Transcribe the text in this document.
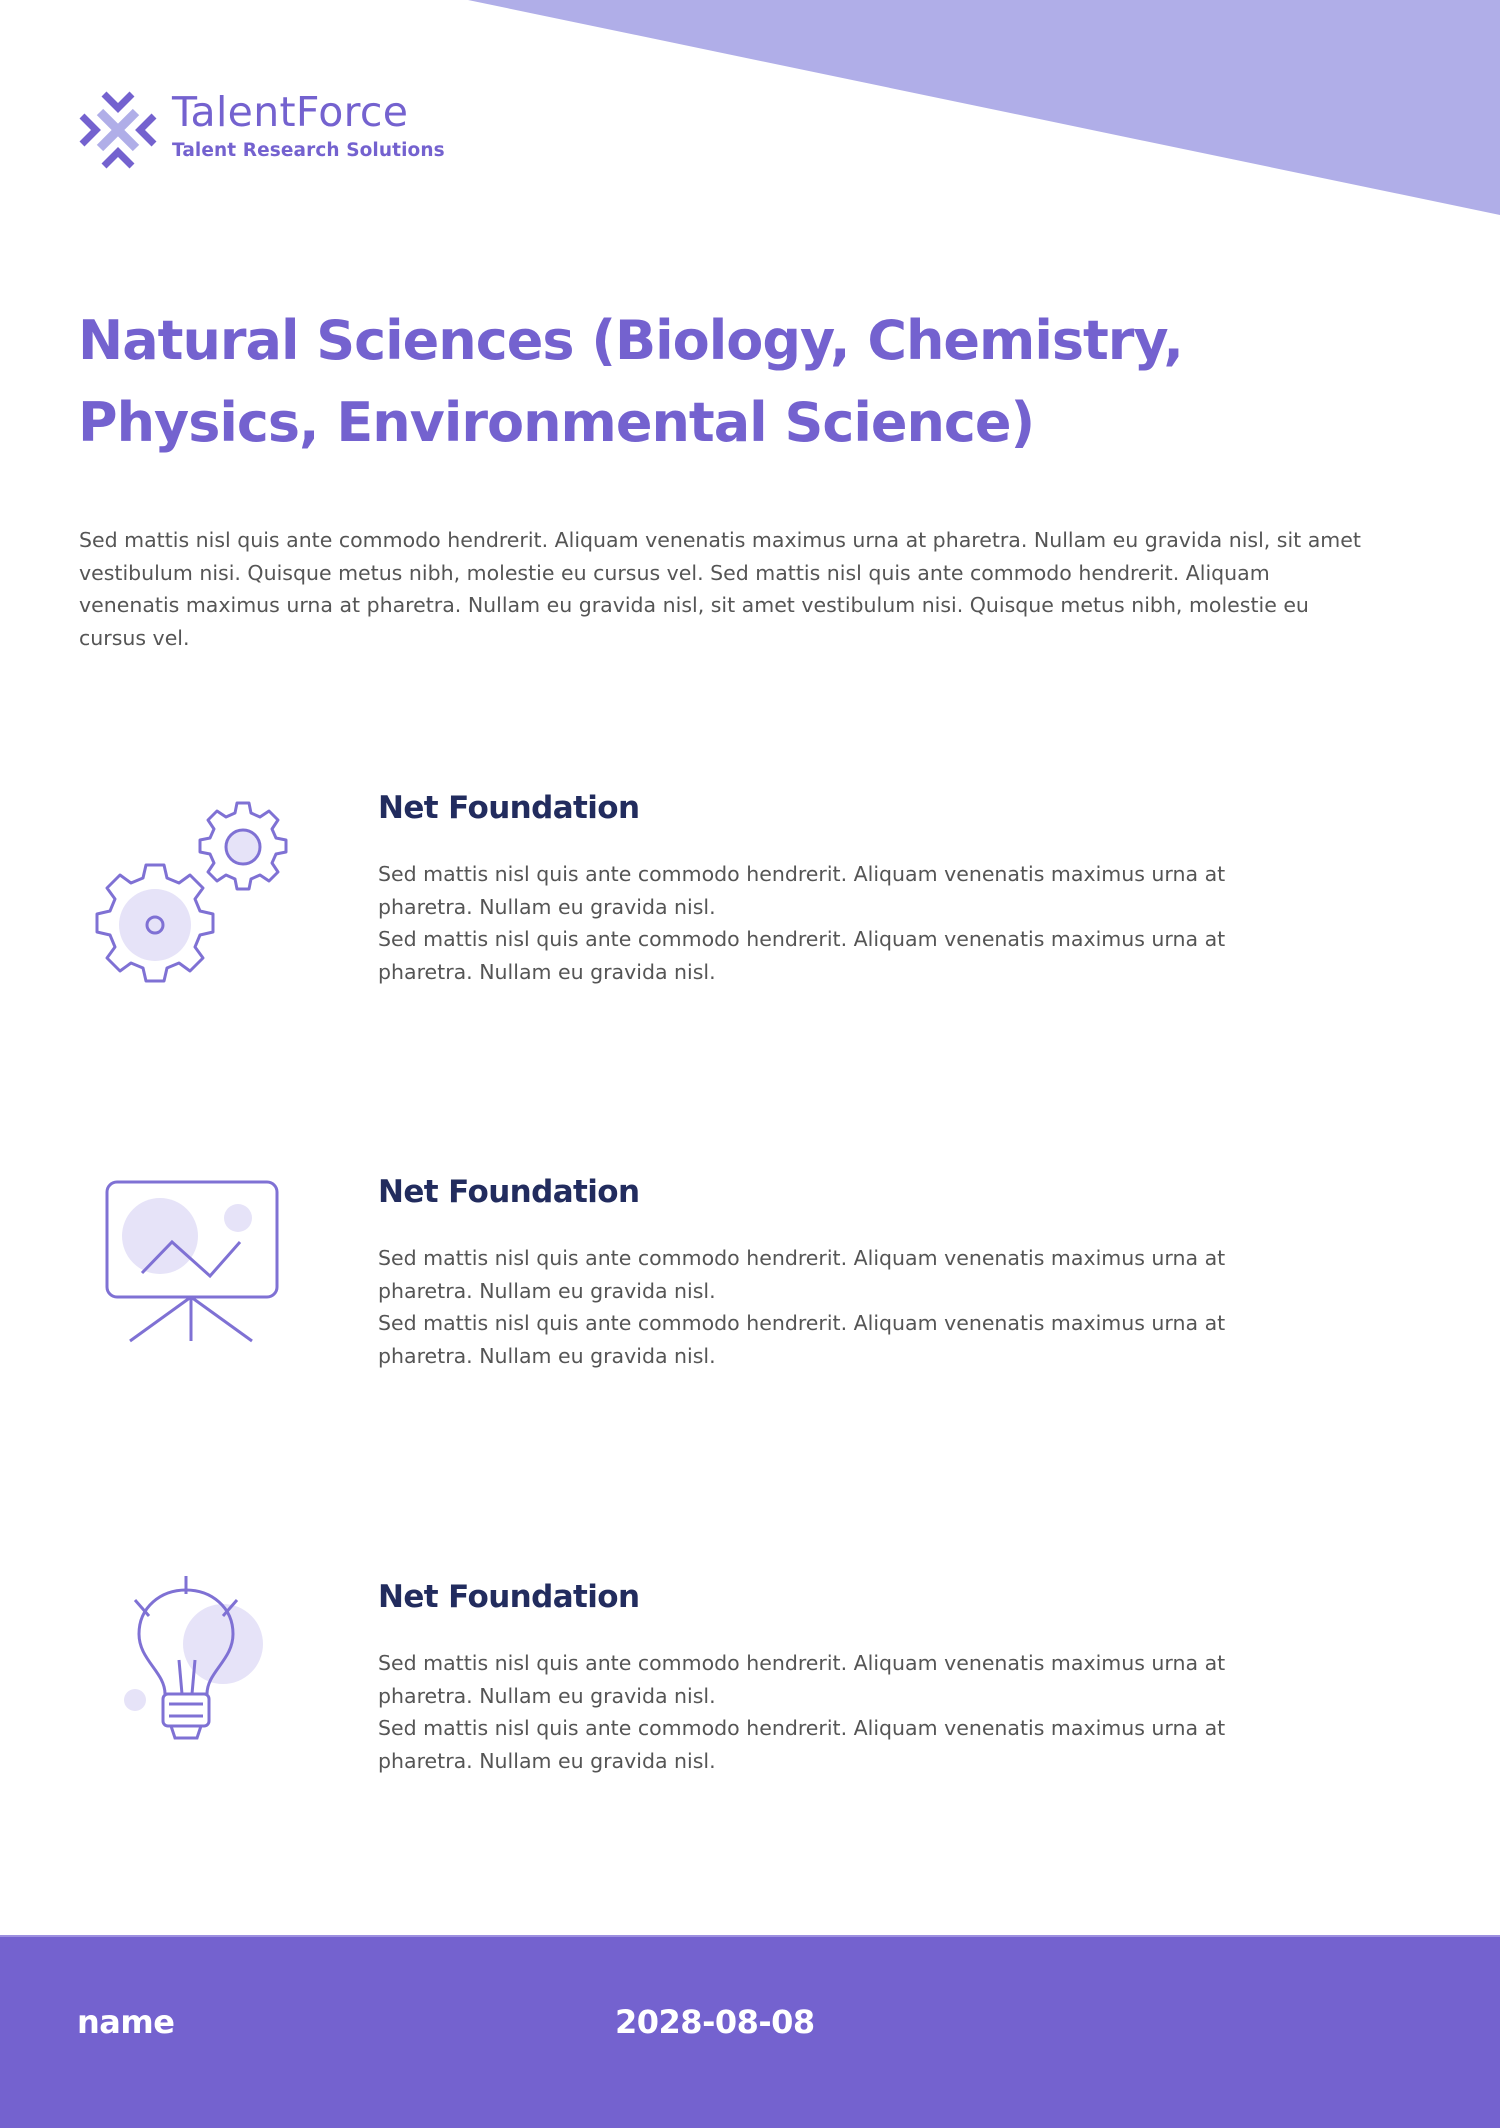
TalentForce
Talent Research Solutions
Natural Sciences (Biology, Chemistry, Physics, Environmental Science)

Sed mattis nisl quis ante commodo hendrerit. Aliquam venenatis maximus urna at pharetra. Nullam eu gravida nisl, sit amet vestibulum nisi. Quisque metus nibh, molestie eu cursus vel. Sed mattis nisl quis ante commodo hendrerit. Aliquam venenatis maximus urna at pharetra. Nullam eu gravida nisl, sit amet vestibulum nisi. Quisque metus nibh, molestie eu cursus vel.

Net Foundation

Sed mattis nisl quis ante commodo hendrerit. Aliquam venenatis maximus urna at pharetra. Nullam eu gravida nisl.
Sed mattis nisl quis ante commodo hendrerit. Aliquam venenatis maximus urna at pharetra. Nullam eu gravida nisl.

Net Foundation

Sed mattis nisl quis ante commodo hendrerit. Aliquam venenatis maximus urna at pharetra. Nullam eu gravida nisl.
Sed mattis nisl quis ante commodo hendrerit. Aliquam venenatis maximus urna at pharetra. Nullam eu gravida nisl.

Net Foundation

Sed mattis nisl quis ante commodo hendrerit. Aliquam venenatis maximus urna at pharetra. Nullam eu gravida nisl.
Sed mattis nisl quis ante commodo hendrerit. Aliquam venenatis maximus urna at pharetra. Nullam eu gravida nisl.

name	2028-08-08
